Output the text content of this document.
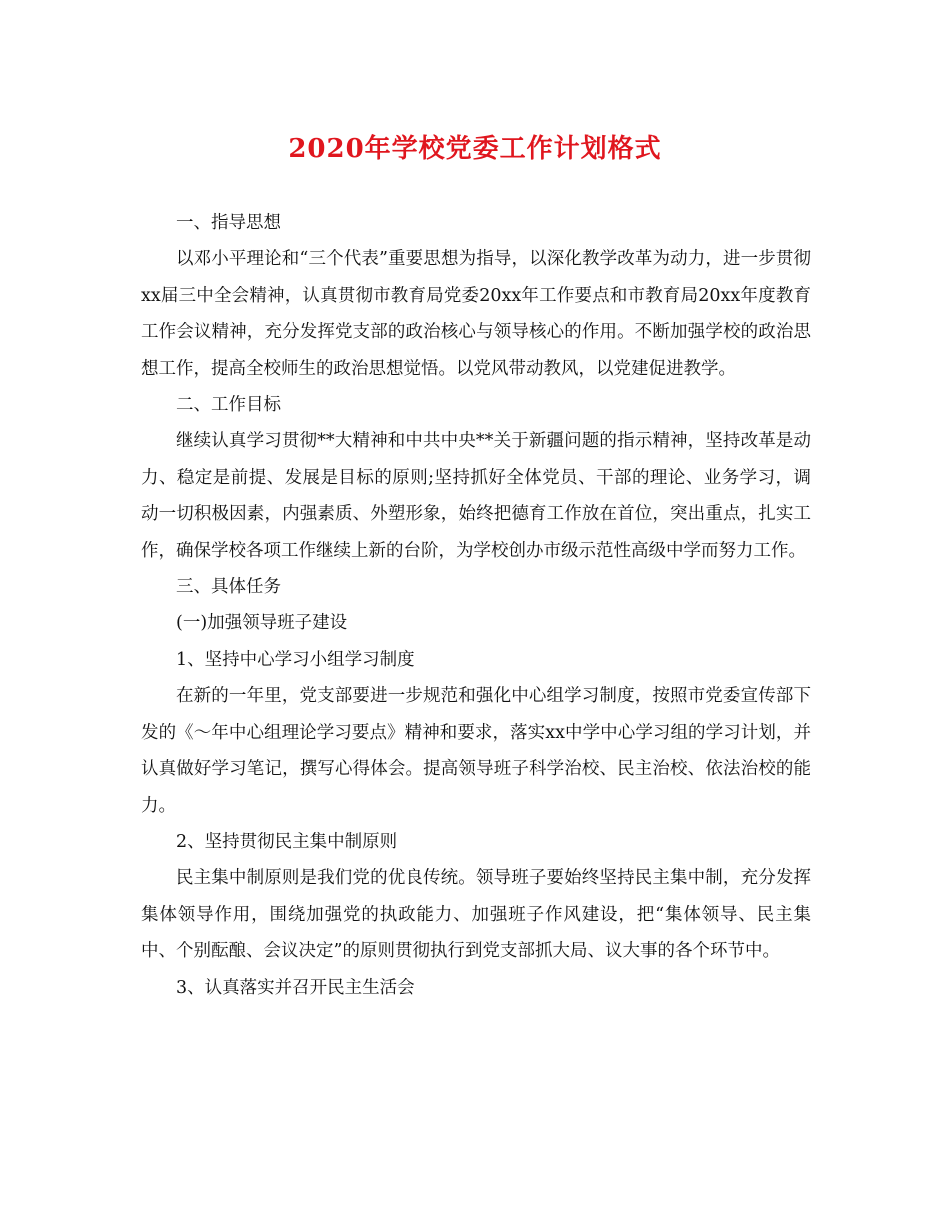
2020年学校党委工作计划格式

一、指导思想

以邓小平理论和“三个代表”重要思想为指导，以深化教学改革为动力，进一步贯彻xx届三中全会精神，认真贯彻市教育局党委20xx年工作要点和市教育局20xx年度教育工作会议精神，充分发挥党支部的政治核心与领导核心的作用。不断加强学校的政治思想工作，提高全校师生的政治思想觉悟。以党风带动教风，以党建促进教学。

二、工作目标

继续认真学习贯彻**大精神和中共中央**关于新疆问题的指示精神，坚持改革是动力、稳定是前提、发展是目标的原则;坚持抓好全体党员、干部的理论、业务学习，调动一切积极因素，内强素质、外塑形象，始终把德育工作放在首位，突出重点，扎实工作，确保学校各项工作继续上新的台阶，为学校创办市级示范性高级中学而努力工作。

三、具体任务

(一)加强领导班子建设

1、坚持中心学习小组学习制度

在新的一年里，党支部要进一步规范和强化中心组学习制度，按照市党委宣传部下发的《～年中心组理论学习要点》精神和要求，落实xx中学中心学习组的学习计划，并认真做好学习笔记，撰写心得体会。提高领导班子科学治校、民主治校、依法治校的能力。

2、坚持贯彻民主集中制原则

民主集中制原则是我们党的优良传统。领导班子要始终坚持民主集中制，充分发挥集体领导作用，围绕加强党的执政能力、加强班子作风建设，把“集体领导、民主集中、个别酝酿、会议决定”的原则贯彻执行到党支部抓大局、议大事的各个环节中。

3、认真落实并召开民主生活会
